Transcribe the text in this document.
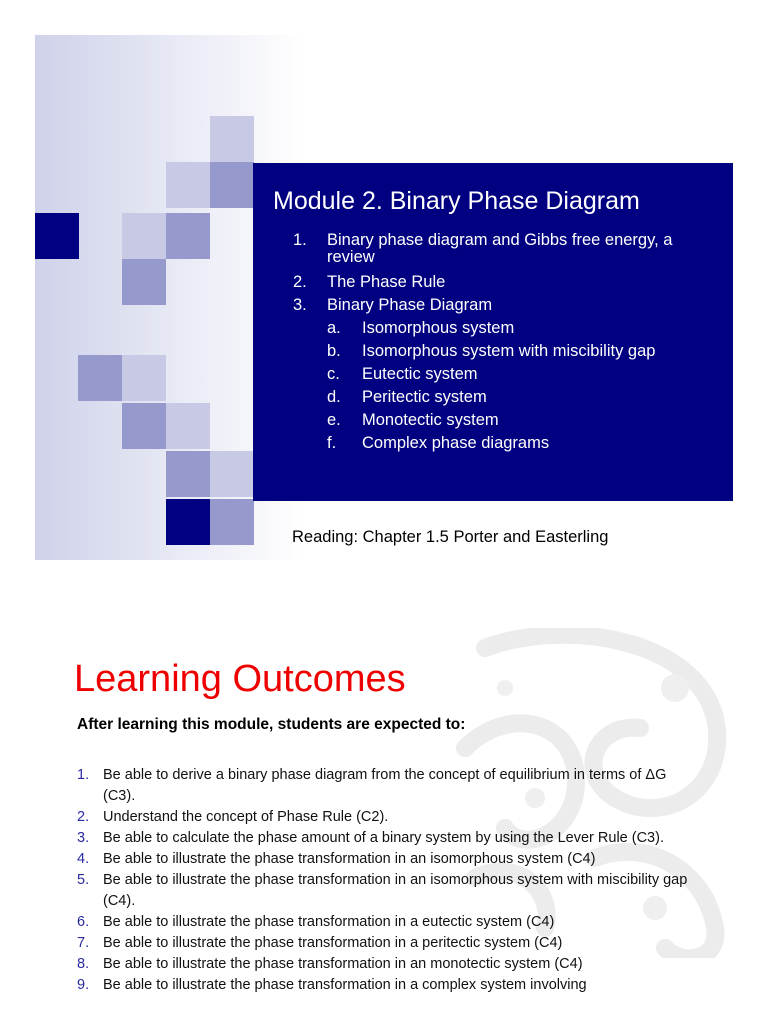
Module 2. Binary Phase Diagram
1.	Binary phase diagram and Gibbs free energy, a review
2.	The Phase Rule
3.	Binary Phase Diagram
a.	Isomorphous system
b.	Isomorphous system with miscibility gap
c.	Eutectic system
d.	Peritectic system
e.	Monotectic system
f.	Complex phase diagrams
Reading: Chapter 1.5 Porter and Easterling
Learning Outcomes
After learning this module, students are expected to:
1. Be able to derive a binary phase diagram from the concept of equilibrium in terms of ΔG (C3).
2. Understand the concept of Phase Rule (C2).
3. Be able to calculate the phase amount of a binary system by using the Lever Rule (C3).
4. Be able to illustrate the phase transformation in an isomorphous system (C4)
5. Be able to illustrate the phase transformation in an isomorphous system with miscibility gap (C4).
6. Be able to illustrate the phase transformation in a eutectic system (C4)
7. Be able to illustrate the phase transformation in a peritectic system (C4)
8. Be able to illustrate the phase transformation in an monotectic system (C4)
9. Be able to illustrate the phase transformation in a complex system involving
